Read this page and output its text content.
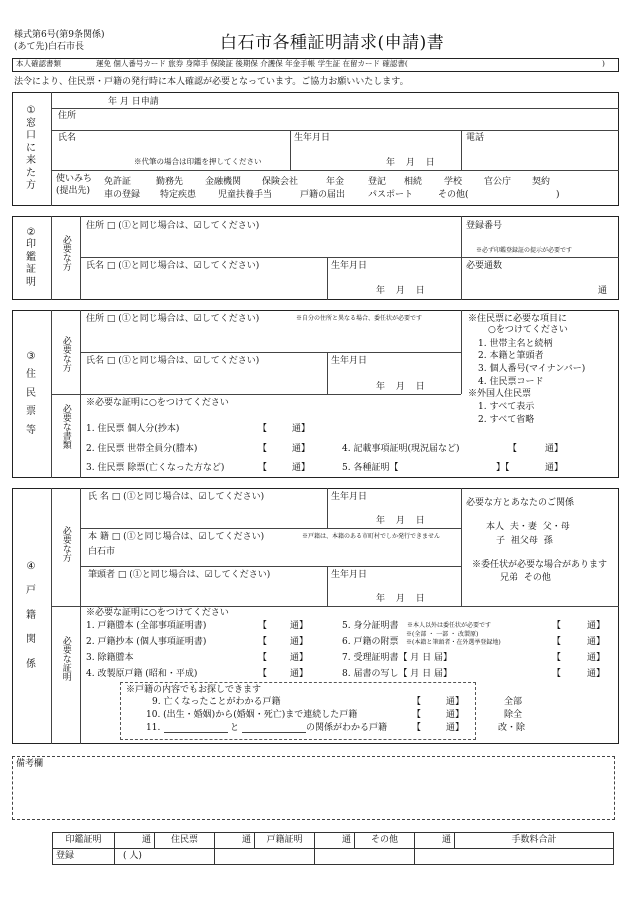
様式第6号(第9条関係)
(あて先)白石市長	白石市各種証明請求(申請)書
本人確認書類	運免 個人番号カード 旅券 身障手 保険証 後期保 介護保 年金手帳 学生証 在留カード 確認書(	)
法令により、住民票・戸籍の発行時に本人確認が必要となっています。ご協力お願いいたします。
①
窓
口
に
来
た
方
年 月 日申請
住所
氏名
※代筆の場合は印鑑を押してください
生年月日
年 月 日
電話
使いみち
(提出先)
免許証	勤務先 金融機関 保険会社	年金	登記 相続 学校 官公庁 契約
車の登録 特定疾患 児童扶養手当	戸籍の届出	パスポート	その他(	)
②
印
鑑
証
明
必要な方
住所 □ (①と同じ場合は、☑してください)	登録番号
※必ず印鑑登録証の提示が必要です
氏名 □ (①と同じ場合は、☑してください)	生年月日
年 月 日
必要通数
通
③
住
民
票
等
必要な方
住所 □ (①と同じ場合は、☑してください)	※自分の住所と異なる場合、委任状が必要です
氏名 □ (①と同じ場合は、☑してください)	生年月日
年 月 日
※住民票に必要な項目に
○をつけてください
1. 世帯主名と続柄
2. 本籍と筆頭者
3. 個人番号(マイナンバー)
4. 住民票コード
※外国人住民票
1. すべて表示
2. すべて省略
必要な書類
※必要な証明に○をつけてください
1. 住民票 個人分(抄本)	【	通】
2. 住民票 世帯全員分(謄本)	【	通】	4. 記載事項証明(現況届など)	【	通】
3. 住民票 除票(亡くなった方など)	【	通】	5. 各種証明【	】【	通】
④
戸
籍
関
係
必要な方
氏 名 □ (①と同じ場合は、☑してください)	生年月日
年 月 日
本 籍 □ (①と同じ場合は、☑してください)	※戸籍は、本籍のある市町村でしか発行できません
白石市
筆頭者 □ (①と同じ場合は、☑してください)	生年月日
年 月 日
必要な方とあなたのご関係
本人 夫・妻 父・母
子 祖父母 孫
※委任状が必要な場合があります
兄弟 その他
必要な証明
※必要な証明に○をつけてください
1. 戸籍謄本 (全部事項証明書)	【	通】
2. 戸籍抄本 (個人事項証明書)	【	通】
3. 除籍謄本	【	通】
4. 改製原戸籍 (昭和・平成)	【	通】
5. 身分証明書 ※本人以外は委任状が必要です	【	通】
6. 戸籍の附票
※(全部 ・ 一部 ・ 改製原)
※(本籍と筆頭者・在外選挙登録地)	【	通】
7. 受理証明書【 月 日 届】	【	通】
8. 届書の写し【 月 日 届】	【	通】
※戸籍の内容でもお探しできます
9. 亡くなったことがわかる戸籍	【	通】
10. (出生・婚姻)から(婚姻・死亡)まで連続した戸籍	【	通】
11.	と	の関係がわかる戸籍	【	通】
全部
除全
改・除
備考欄
印鑑証明	通	住民票	通	戸籍証明	通	その他	通	手数料合計
登録	( 人)							
